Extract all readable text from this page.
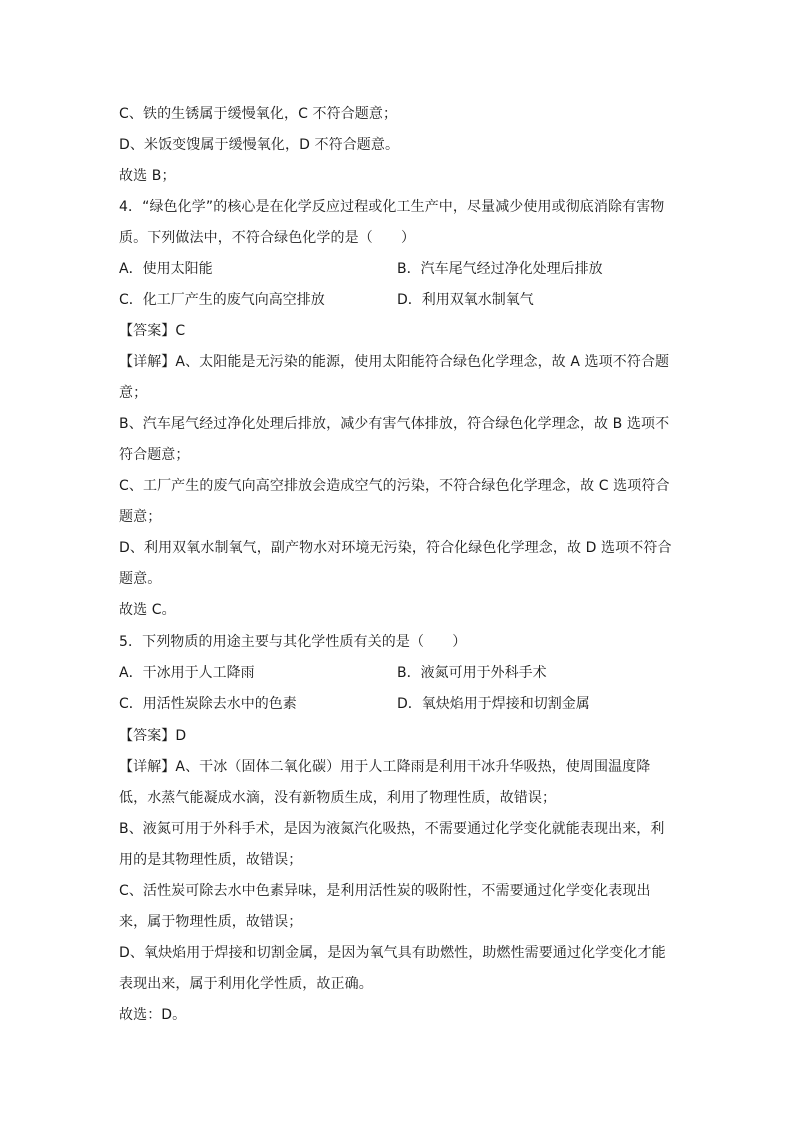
C、铁的生锈属于缓慢氧化，C 不符合题意；
D、米饭变馊属于缓慢氧化，D 不符合题意。
故选 B；
4．“绿色化学”的核心是在化学反应过程或化工生产中，尽量减少使用或彻底消除有害物
质。下列做法中，不符合绿色化学的是（　　）
A．使用太阳能	B．汽车尾气经过净化处理后排放
C．化工厂产生的废气向高空排放	D．利用双氧水制氧气
【答案】C
【详解】A、太阳能是无污染的能源，使用太阳能符合绿色化学理念，故 A 选项不符合题
意；
B、汽车尾气经过净化处理后排放，减少有害气体排放，符合绿色化学理念，故 B 选项不
符合题意；
C、工厂产生的废气向高空排放会造成空气的污染，不符合绿色化学理念，故 C 选项符合
题意；
D、利用双氧水制氧气，副产物水对环境无污染，符合化绿色化学理念，故 D 选项不符合
题意。
故选 C。
5．下列物质的用途主要与其化学性质有关的是（　　）
A．干冰用于人工降雨	B．液氮可用于外科手术
C．用活性炭除去水中的色素	D．氧炔焰用于焊接和切割金属
【答案】D
【详解】A、干冰（固体二氧化碳）用于人工降雨是利用干冰升华吸热，使周围温度降
低，水蒸气能凝成水滴，没有新物质生成，利用了物理性质，故错误；
B、液氮可用于外科手术，是因为液氮汽化吸热，不需要通过化学变化就能表现出来，利
用的是其物理性质，故错误；
C、活性炭可除去水中色素异味，是利用活性炭的吸附性，不需要通过化学变化表现出
来，属于物理性质，故错误；
D、氧炔焰用于焊接和切割金属，是因为氧气具有助燃性，助燃性需要通过化学变化才能
表现出来，属于利用化学性质，故正确。
故选：D。
